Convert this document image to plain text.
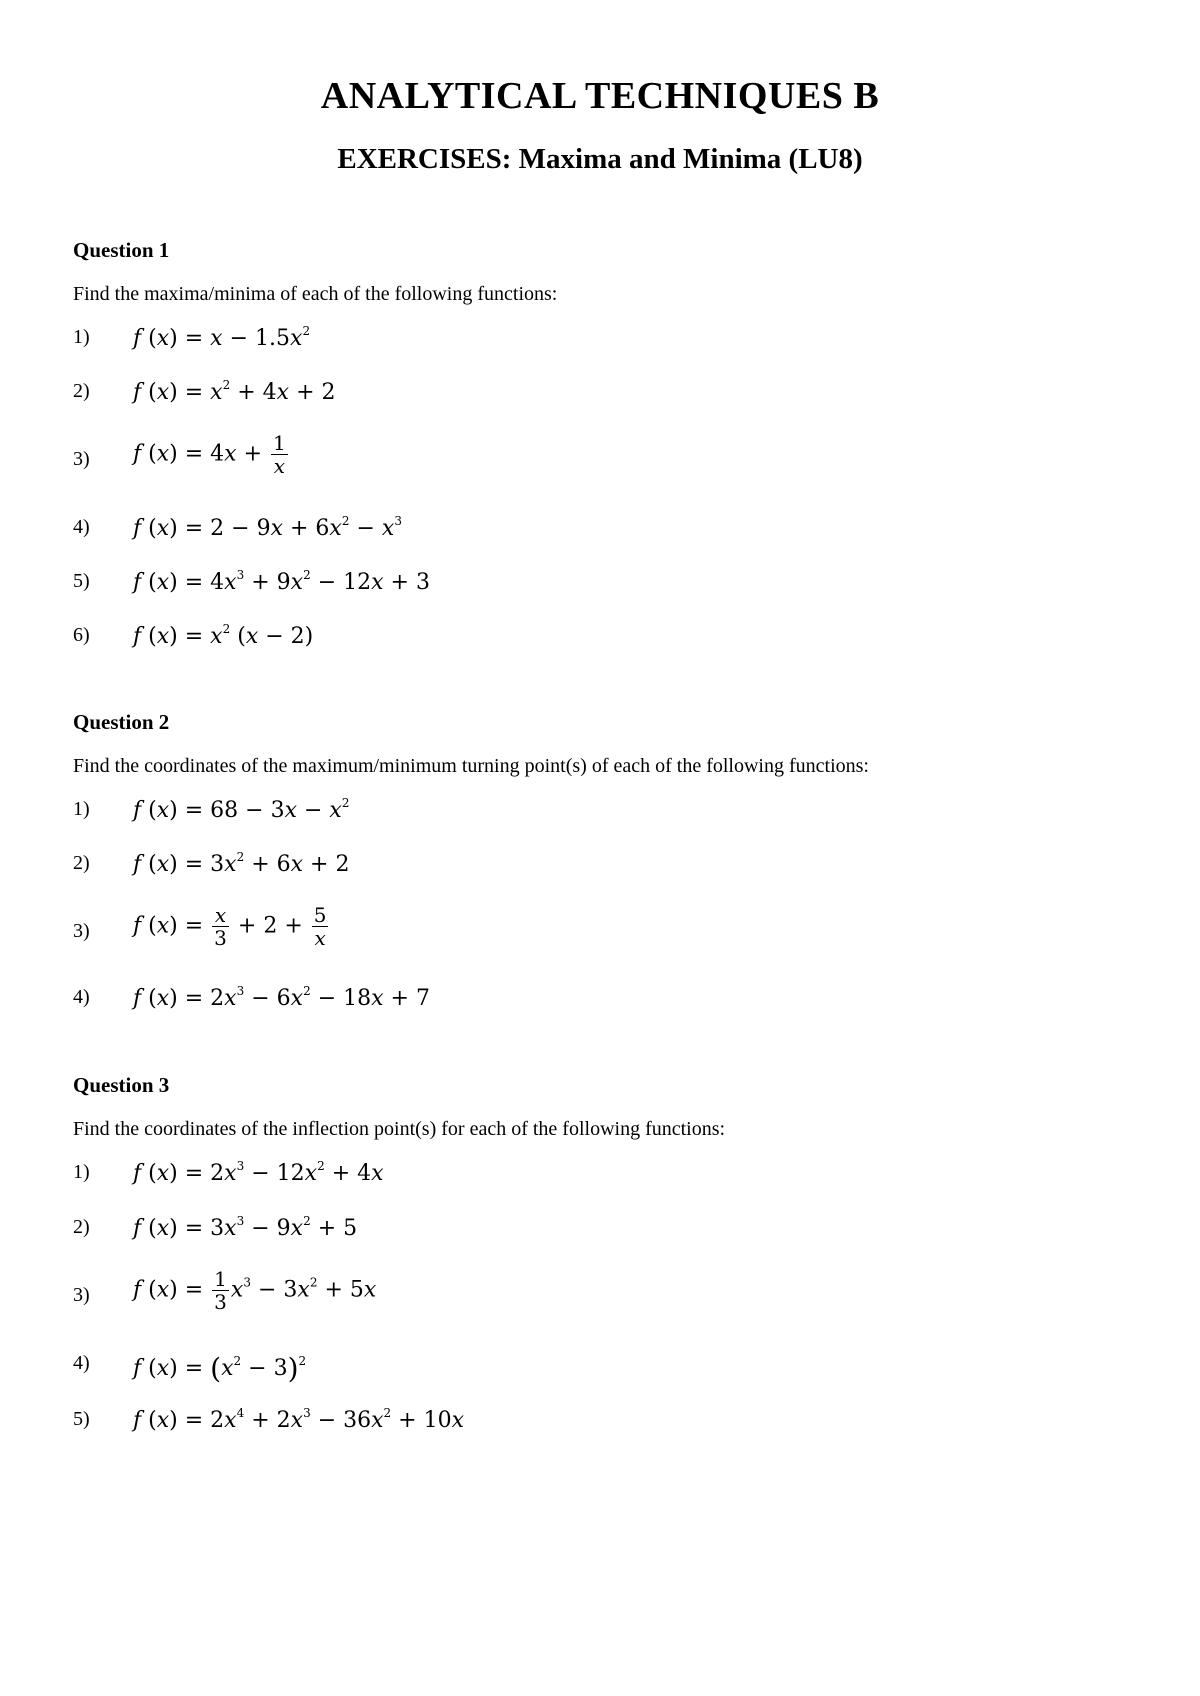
ANALYTICAL TECHNIQUES B
EXERCISES: Maxima and Minima (LU8)
Question 1
Find the maxima/minima of each of the following functions:
1) f $(x) = x - 1.5x^2$
2) f $(x) = x^2 + 4x + 2$
3) f $(x) = 4x + \frac{1}{x}$
4) f $(x) = 2 - 9x + 6x^2 - x^3$
5) f $(x) = 4x^3 + 9x^2 - 12x + 3$
6) f $(x) = x^2$ (x − 2)
Question 2
Find the coordinates of the maximum/minimum turning point(s) of each of the following functions:
1) f $(x) = 68 - 3x - x^2$
2) f $(x) = 3x^2 + 6x + 2$
3) f $(x) = \frac{x}{3} + 2 + \frac{5}{x}$
4) f $(x) = 2x^3 - 6x^2 - 18x + 7$
Question 3
Find the coordinates of the inflection point(s) for each of the following functions:
1) f $(x) = 2x^3 - 12x^2 + 4x$
2) f $(x) = 3x^3 - 9x^2 + 5$
3) f $(x) = \frac{1}{3} x^3 - 3x^2 + 5x$
4) f $(x) = (x^2 - 3)^2$
5) f $(x) = 2x^4 + 2x^3 - 36x^2 + 10x$
